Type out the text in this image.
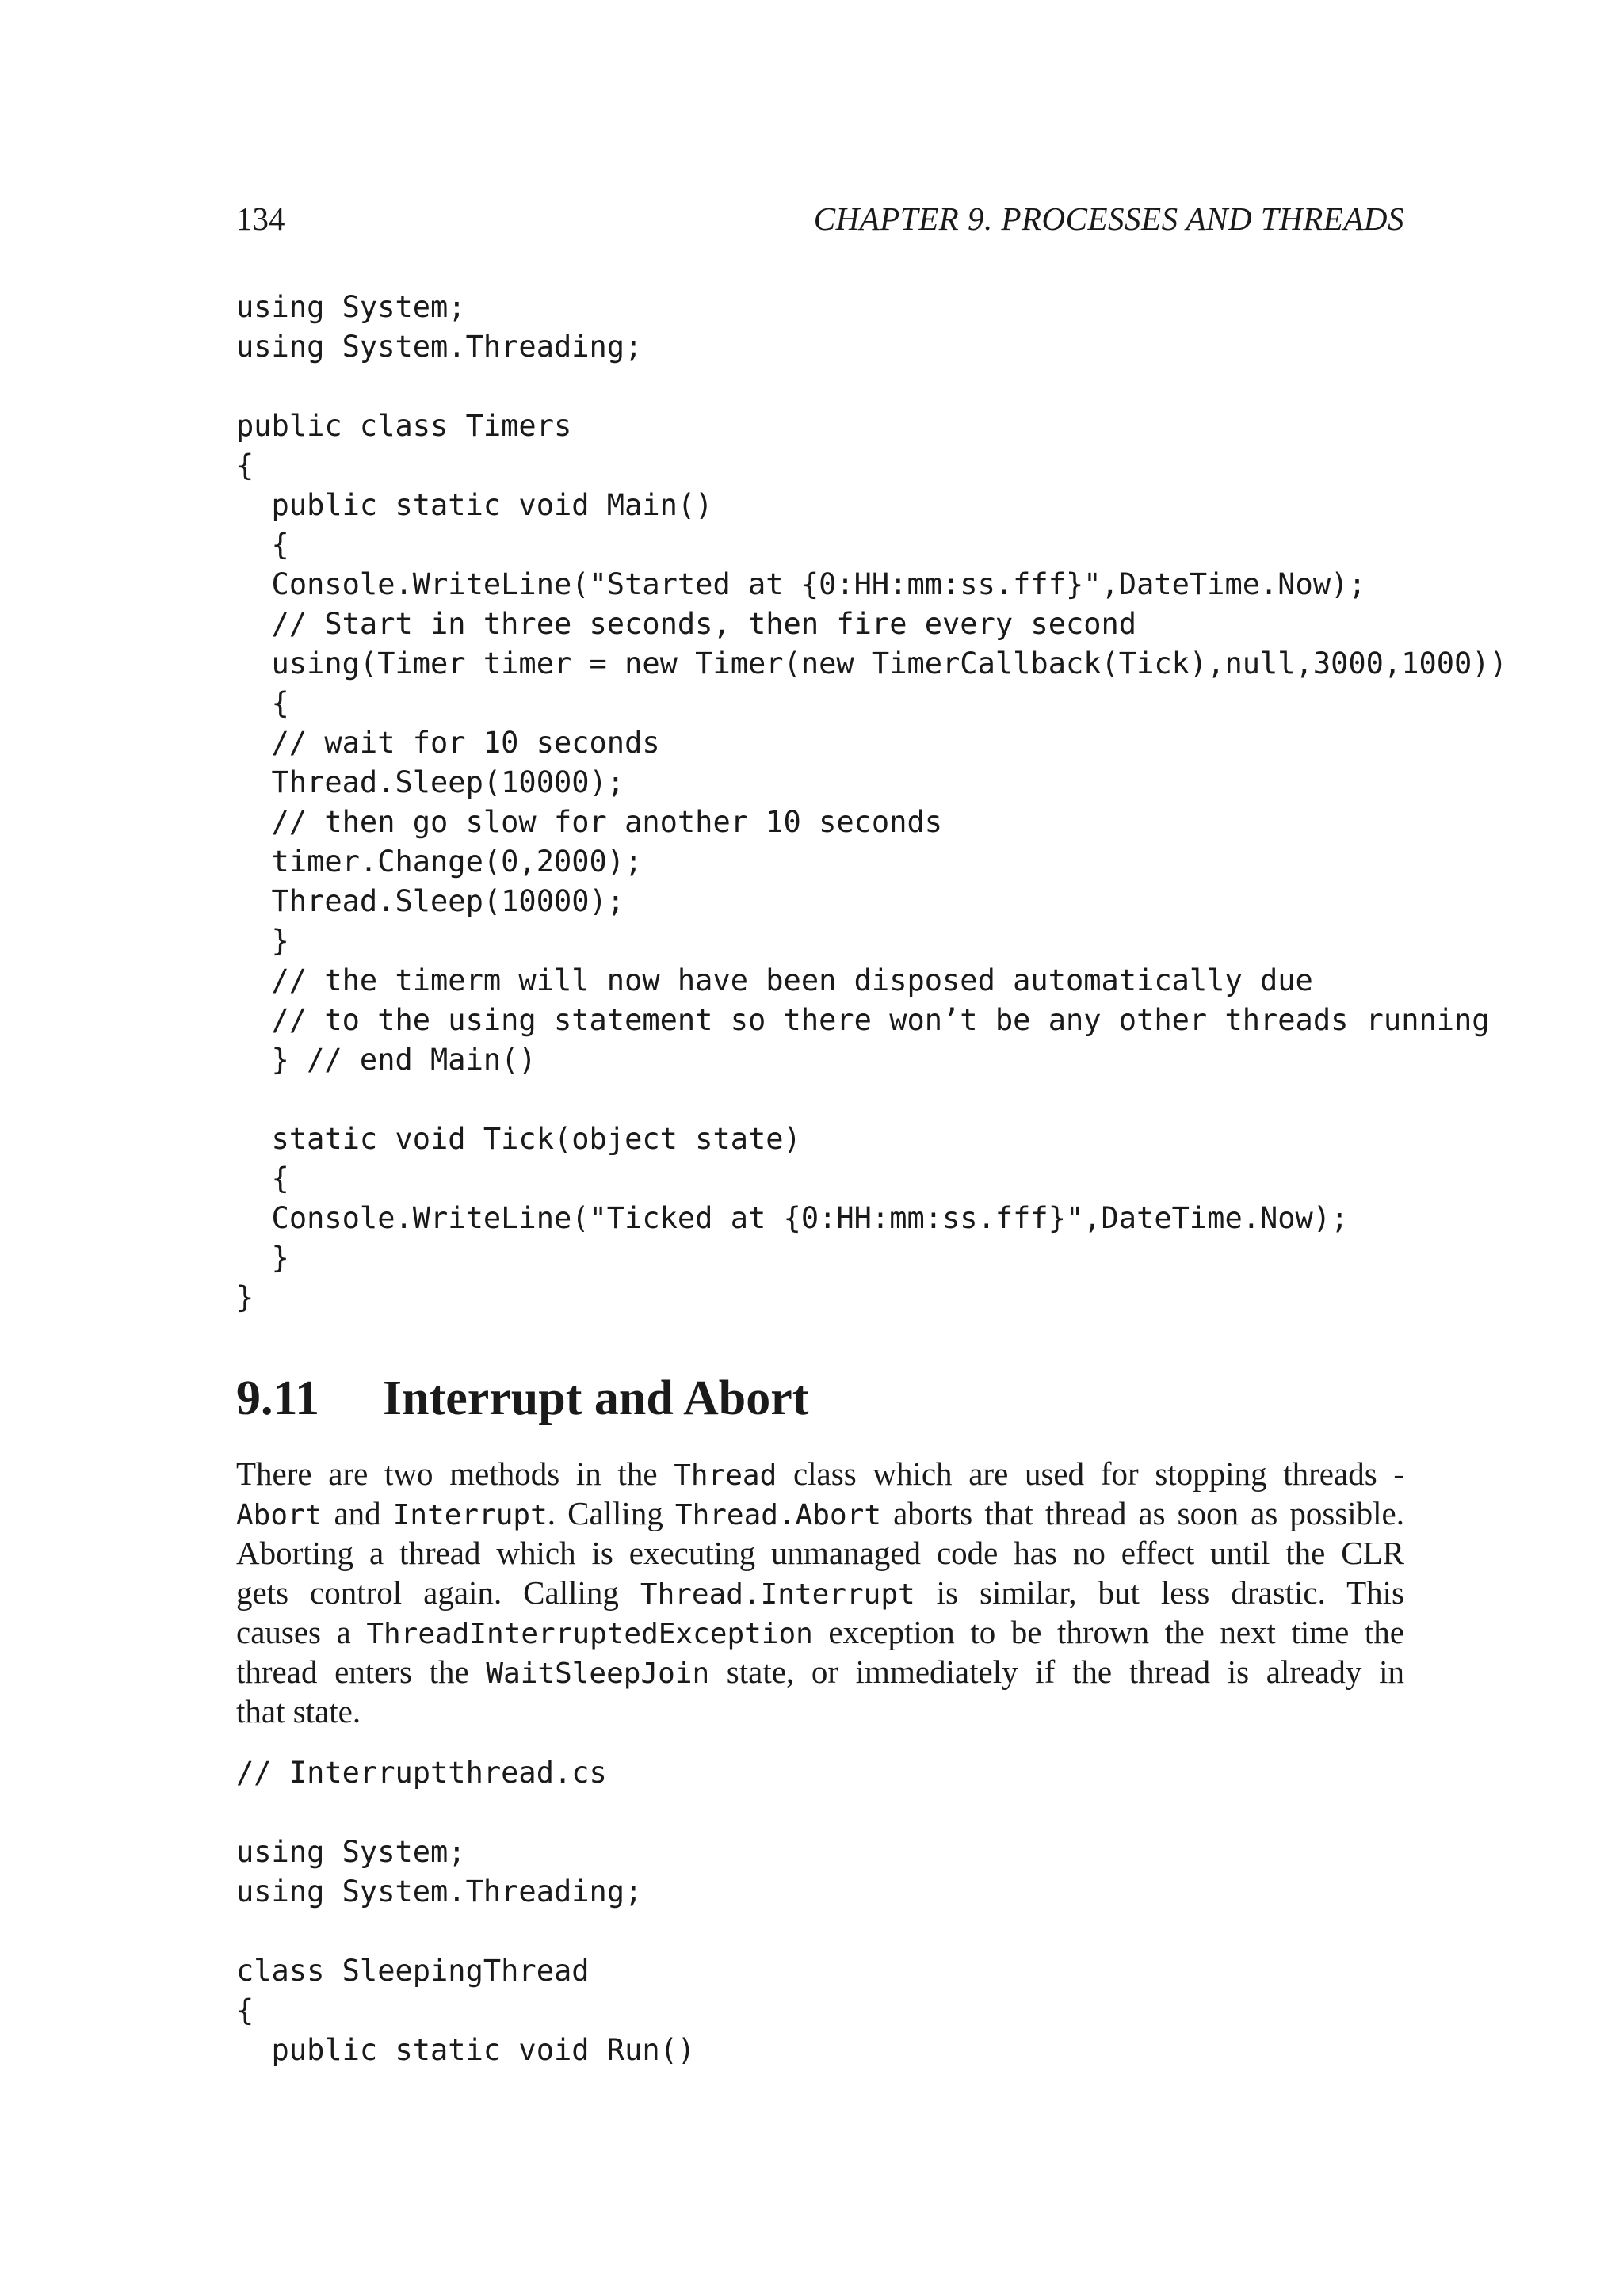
134	CHAPTER 9. PROCESSES AND THREADS
using System;
using System.Threading;
public class Timers
{
public static void Main()
{
Console.WriteLine("Started at {0:HH:mm:ss.fff}",DateTime.Now);
// Start in three seconds, then fire every second
using(Timer timer = new Timer(new TimerCallback(Tick),null,3000,1000))
{
// wait for 10 seconds
Thread.Sleep(10000);
// then go slow for another 10 seconds
timer.Change(0,2000);
Thread.Sleep(10000);
}
// the timerm will now have been disposed automatically due
// to the using statement so there won’t be any other threads running
} // end Main()
static void Tick(object state)
{
Console.WriteLine("Ticked at {0:HH:mm:ss.fff}",DateTime.Now);
}
}
9.11 Interrupt and Abort
There are two methods in the Thread class which are used for stopping threads -
Abort and Interrupt. Calling Thread.Abort aborts that thread as soon as possible.
Aborting a thread which is executing unmanaged code has no effect until the CLR
gets control again. Calling Thread.Interrupt is similar, but less drastic. This
causes a ThreadInterruptedException exception to be thrown the next time the
thread enters the WaitSleepJoin state, or immediately if the thread is already in
that state.
// Interruptthread.cs
using System;
using System.Threading;
class SleepingThread
{
public static void Run()
